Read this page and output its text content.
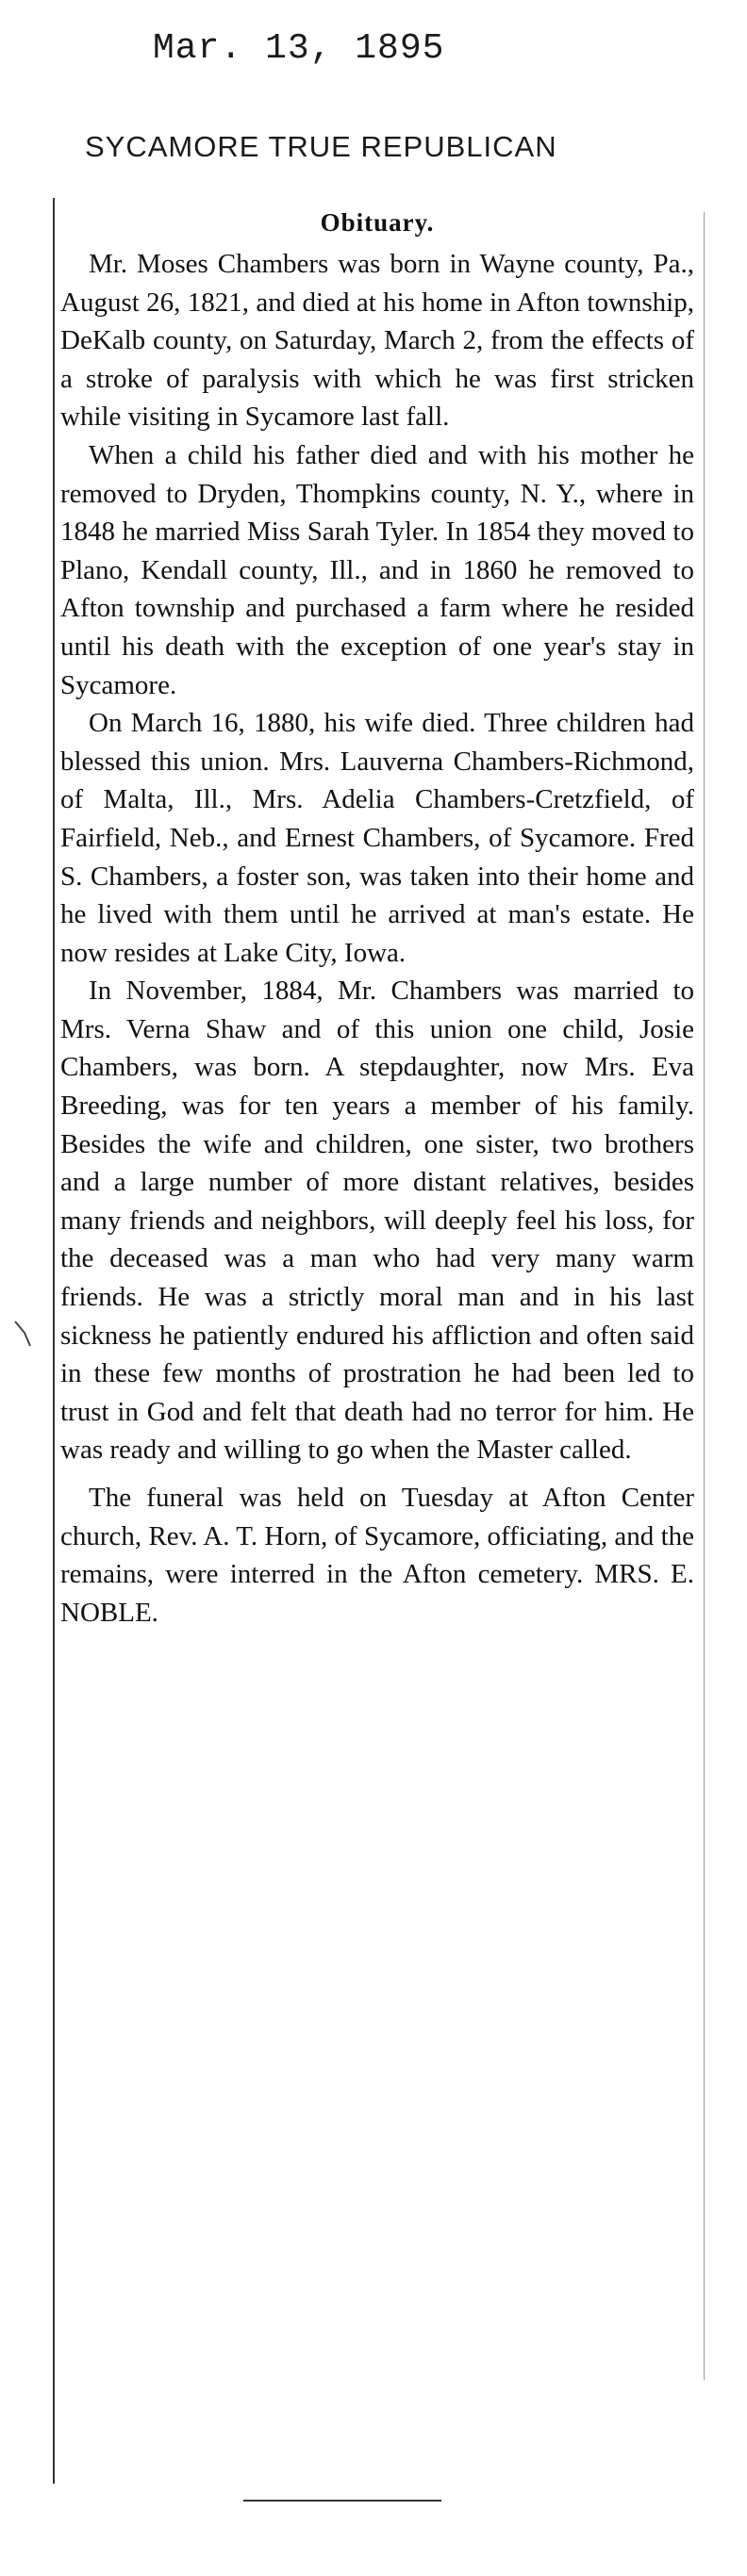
Mar. 13, 1895
SYCAMORE TRUE REPUBLICAN
Obituary.

Mr. Moses Chambers was born in Wayne county, Pa., August 26, 1821, and died at his home in Afton township, DeKalb county, on Saturday, March 2, from the effects of a stroke of paralysis with which he was first stricken while visiting in Sycamore last fall.

When a child his father died and with his mother he removed to Dryden, Thompkins county, N. Y., where in 1848 he married Miss Sarah Tyler. In 1854 they moved to Plano, Kendall county, Ill., and in 1860 he removed to Afton township and purchased a farm where he resided until his death with the exception of one year's stay in Sycamore.

On March 16, 1880, his wife died. Three children had blessed this union. Mrs. Lauverna Chambers-Richmond, of Malta, Ill., Mrs. Adelia Chambers-Cretzfield, of Fairfield, Neb., and Ernest Chambers, of Sycamore. Fred S. Chambers, a foster son, was taken into their home and he lived with them until he arrived at man's estate. He now resides at Lake City, Iowa.

In November, 1884, Mr. Chambers was married to Mrs. Verna Shaw and of this union one child, Josie Chambers, was born. A stepdaughter, now Mrs. Eva Breeding, was for ten years a member of his family. Besides the wife and children, one sister, two brothers and a large number of more distant relatives, besides many friends and neighbors, will deeply feel his loss, for the deceased was a man who had very many warm friends. He was a strictly moral man and in his last sickness he patiently endured his affliction and often said in these few months of prostration he had been led to trust in God and felt that death had no terror for him. He was ready and willing to go when the Master called.

The funeral was held on Tuesday at Afton Center church, Rev. A. T. Horn, of Sycamore, officiating, and the remains, were interred in the Afton cemetery. MRS. E. NOBLE.
